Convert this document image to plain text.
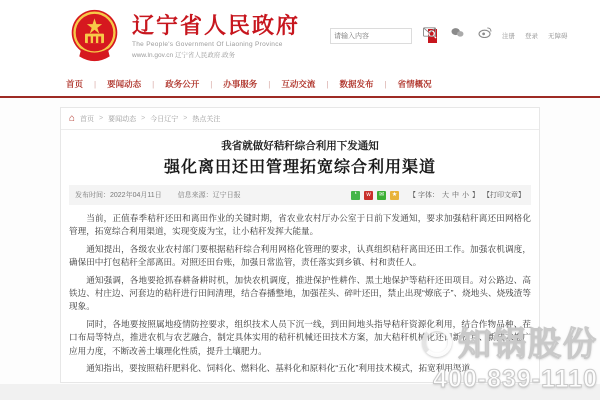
辽宁省人民政府
The People's Government Of Liaoning Province
www.ln.gov.cn 辽宁省人民政府.政务
请输入内容
注册 登录 无障碍
首页 | 要闻动态 | 政务公开 | 办事服务 | 互动交流 | 数据发布 | 省情概况
⌂ 首页 > 要闻动态 > 今日辽宁 > 热点关注
我省就做好秸秆综合利用下发通知
强化离田还田管理拓宽综合利用渠道
发布时间：2022年04月11日 信息来源：辽宁日报	❛	w	✉	★ 【 字体： 大 中 小 】 【打印文章】

当前，正值春季秸秆还田和离田作业的关键时期，省农业农村厅办公室于日前下发通知，要求加强秸秆离还田网格化管理，拓宽综合利用渠道，实现变废为宝，让小秸秆发挥大能量。

通知提出，各级农业农村部门要根据秸秆综合利用网格化管理的要求，认真组织秸秆离田还田工作。加强农机调度，确保田中打包秸秆全部离田。对照还田台账，加强日常监管，责任落实到乡镇、村和责任人。

通知强调，各地要抢抓春耕备耕时机，加快农机调度，推进保护性耕作、黑土地保护等秸秆还田项目。对公路边、高铁边、村庄边、河套边的秸秆进行田间清理，结合春播整地，加强茬头、碎叶还田，禁止出现“燎底子”、烧地头、烧残渣等现象。

同时，各地要按照属地疫情防控要求，组织技术人员下沉一线，到田间地头指导秸秆资源化利用，结合作物品种、茬口布局等特点，推进农机与农艺融合，制定具体实用的秸秆机械还田技术方案，加大秸秆机械化还田新机具、新技术推广应用力度，不断改善土壤理化性质，提升土壤肥力。

通知指出，要按照秸秆肥料化、饲料化、燃料化、基料化和原料化“五化”利用技术模式，拓宽利用渠道。

知锅股份
400-839-1110
